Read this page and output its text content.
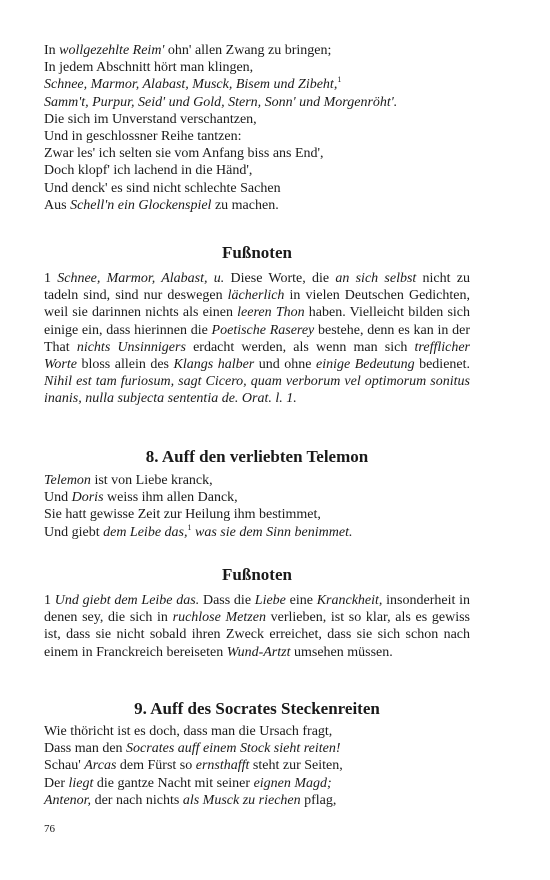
In wollgezehlte Reim' ohn' allen Zwang zu bringen;
In jedem Abschnitt hört man klingen,
Schnee, Marmor, Alabast, Musck, Bisem und Zibeht,$^1$
Samm't, Purpur, Seid' und Gold, Stern, Sonn' und Morgenröht'.
Die sich im Unverstand verschantzen,
Und in geschlossner Reihe tantzen:
Zwar les' ich selten sie vom Anfang biss ans End',
Doch klopf' ich lachend in die Händ',
Und denck' es sind nicht schlechte Sachen
Aus Schell'n ein Glockenspiel zu machen.
Fußnoten

1 Schnee, Marmor, Alabast, u. Diese Worte, die an sich selbst nicht zu tadeln sind, sind nur deswegen lächerlich in vielen Deutschen Gedichten, weil sie darinnen nichts als einen leeren Thon haben. Vielleicht bilden sich einige ein, dass hierinnen die Poetische Raserey bestehe, denn es kan in der That nichts Unsinnigers erdacht werden, als wenn man sich trefflicher Worte bloss allein des Klangs halber und ohne einige Bedeutung bedienet. Nihil est tam furiosum, sagt Cicero, quam verborum vel optimorum sonitus inanis, nulla subjecta sententia de. Orat. l. 1.

8. Auff den verliebten Telemon
Telemon ist von Liebe kranck,
Und Doris weiss ihm allen Danck,
Sie hatt gewisse Zeit zur Heilung ihm bestimmet,
Und giebt dem Leibe das,$^1$ was sie dem Sinn benimmet.
Fußnoten

1 Und giebt dem Leibe das. Dass die Liebe eine Kranckheit, insonderheit in denen sey, die sich in ruchlose Metzen verlieben, ist so klar, als es gewiss ist, dass sie nicht sobald ihren Zweck erreichet, dass sie sich schon nach einem in Franckreich bereiseten Wund-Artzt umsehen müssen.

9. Auff des Socrates Steckenreiten
Wie thöricht ist es doch, dass man die Ursach fragt,
Dass man den Socrates auff einem Stock sieht reiten!
Schau' Arcas dem Fürst so ernsthafft steht zur Seiten,
Der liegt die gantze Nacht mit seiner eignen Magd;
Antenor, der nach nichts als Musck zu riechen pflag,
76
